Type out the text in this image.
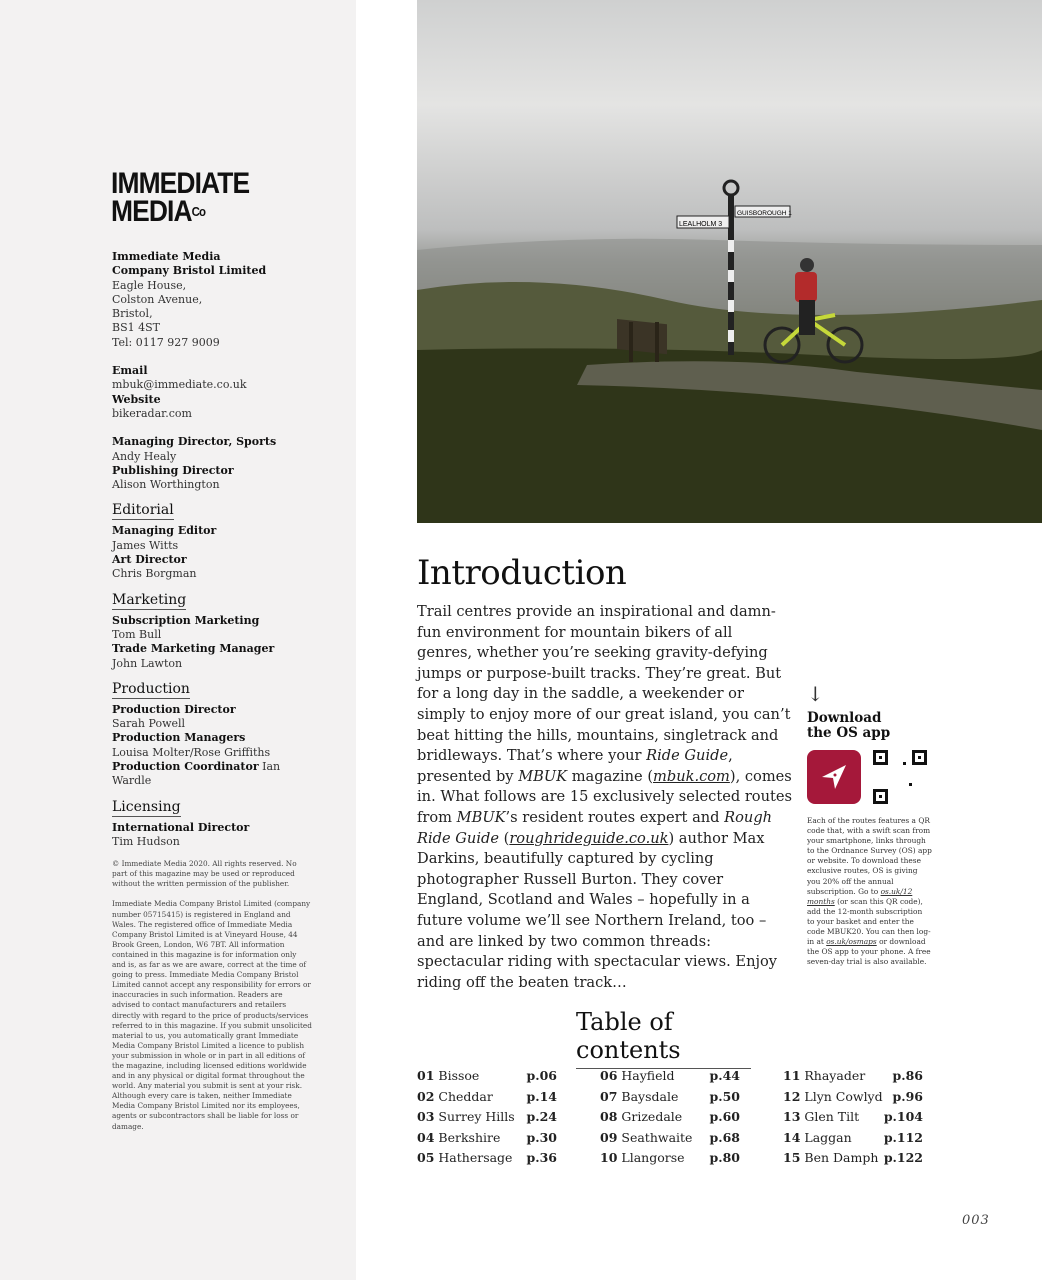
IMMEDIATE
$MEDIA^{Co}$
Immediate Media
Company Bristol Limited
Eagle House,
Colston Avenue,
Bristol,
BS1 4ST
Tel: 0117 927 9009
Email
mbuk@immediate.co.uk
Website
bikeradar.com
Managing Director, Sports
Andy Healy
Publishing Director
Alison Worthington
Editorial
Managing Editor
James Witts
Art Director
Chris Borgman
Marketing
Subscription Marketing
Tom Bull
Trade Marketing Manager
John Lawton
Production
Production Director
Sarah Powell
Production Managers
Louisa Molter/Rose Griffiths
Production Coordinator Ian Wardle
Licensing
International Director
Tim Hudson

© Immediate Media 2020. All rights reserved. No part of this magazine may be used or reproduced without the written permission of the publisher.

Immediate Media Company Bristol Limited (company number 05715415) is registered in England and Wales. The registered office of Immediate Media Company Bristol Limited is at Vineyard House, 44 Brook Green, London, W6 7BT. All information contained in this magazine is for information only and is, as far as we are aware, correct at the time of going to press. Immediate Media Company Bristol Limited cannot accept any responsibility for errors or inaccuracies in such information. Readers are advised to contact manufacturers and retailers directly with regard to the price of products/services referred to in this magazine. If you submit unsolicited material to us, you automatically grant Immediate Media Company Bristol Limited a licence to publish your submission in whole or in part in all editions of the magazine, including licensed editions worldwide and in any physical or digital format throughout the world. Any material you submit is sent at your risk. Although every care is taken, neither Immediate Media Company Bristol Limited nor its employees, agents or subcontractors shall be liable for loss or damage.

LEALHOLM 3
GUISBOROUGH 1
Introduction

Trail centres provide an inspirational and damn-fun environment for mountain bikers of all genres, whether you’re seeking gravity-defying jumps or purpose-built tracks. They’re great. But for a long day in the saddle, a weekender or simply to enjoy more of our great island, you can’t beat hitting the hills, mountains, singletrack and bridleways. That’s where your Ride Guide, presented by MBUK magazine (mbuk.com), comes in. What follows are 15 exclusively selected routes from MBUK’s resident routes expert and Rough Ride Guide (roughrideguide.co.uk) author Max Darkins, beautifully captured by cycling photographer Russell Burton. They cover England, Scotland and Wales – hopefully in a future volume we’ll see Northern Ireland, too – and are linked by two common threads: spectacular riding with spectacular views. Enjoy riding off the beaten track…

↓
Download
the OS app

Each of the routes features a QR code that, with a swift scan from your smartphone, links through to the Ordnance Survey (OS) app or website. To download these exclusive routes, OS is giving you 20% off the annual subscription. Go to os.uk/12 months (or scan this QR code), add the 12-month subscription to your basket and enter the code MBUK20. You can then log-in at os.uk/osmaps or download the OS app to your phone. A free seven-day trial is also available.

Table of contents
01 Bissoe	p.06
02 Cheddar	p.14
03 Surrey Hills p.24
04 Berkshire p.30
05 Hathersage p.36
06 Hayfield	p.44
07 Baysdale p.50
08 Grizedale p.60
09 Seathwaite p.68
10 Llangorse p.80
11 Rhayader p.86
12 Llyn Cowlyd p.96
13 Glen Tilt p.104
14 Laggan	p.112
15 Ben Damph p.122
003
